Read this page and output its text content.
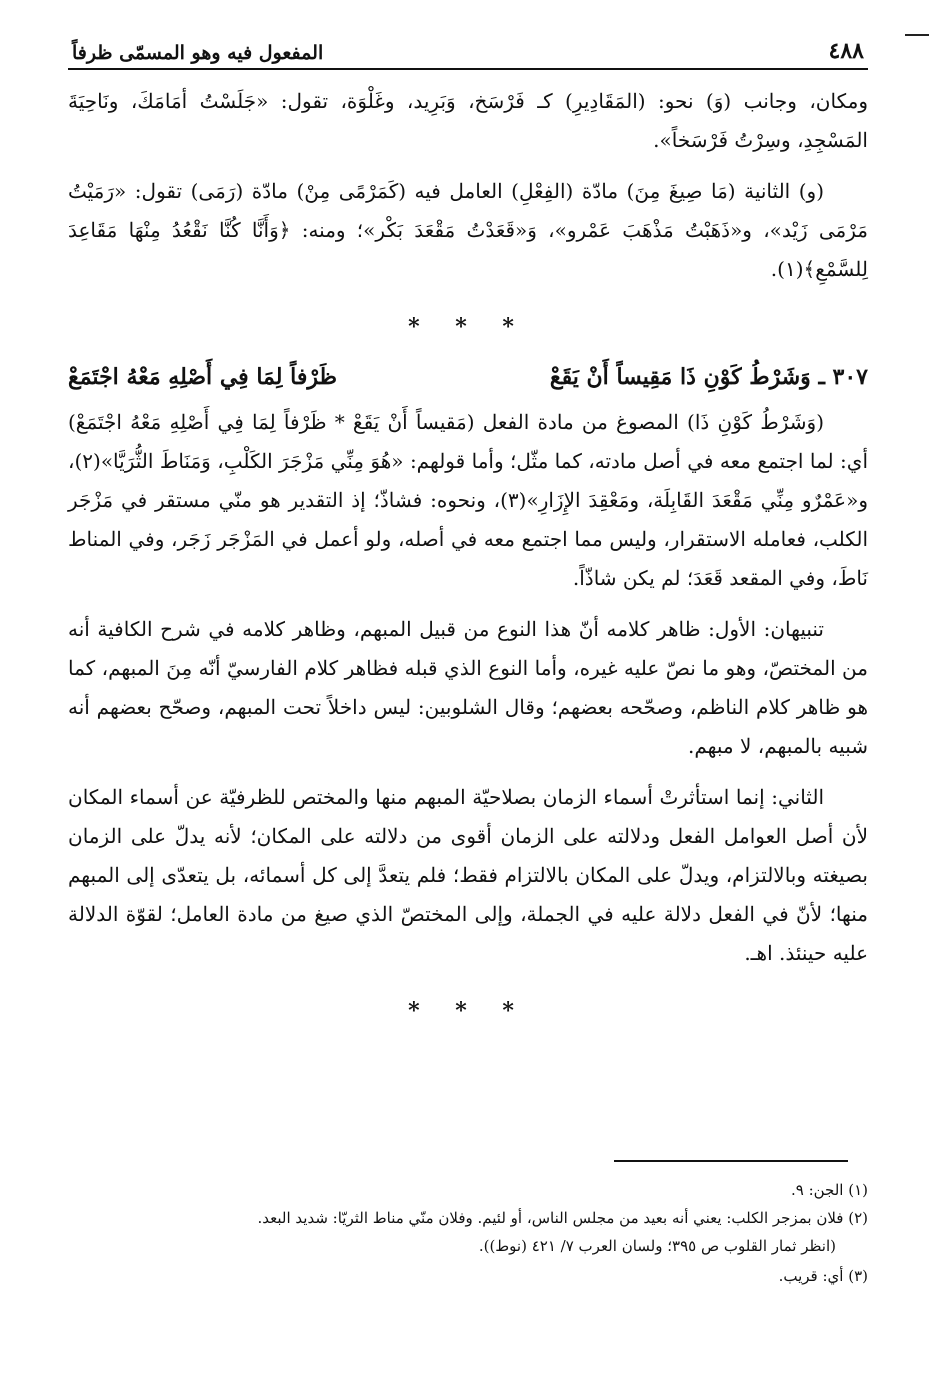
٤٨٨
المفعول فيه وهو المسمّى ظرفاً

ومكان، وجانب (وَ) نحو: (المَقَادِيرِ) كـ فَرْسَخ، وَبَرِيد، وغَلْوَة، تقول: «جَلَسْتُ أمَامَكَ، ونَاحِيَةَ المَسْجِدِ، وسِرْتُ فَرْسَخاً».

(و) الثانية (مَا صِيغَ مِنَ) مادّة (الفِعْلِ) العامل فيه (كَمَرْمًى مِنْ) مادّة (رَمَى) تقول: «رَمَيْتُ مَرْمَى زَيْد»، و«ذَهَبْتُ مَذْهَبَ عَمْرو»، وَ«قَعَدْتُ مَقْعَدَ بَكْر»؛ ومنه: ﴿وَأَنَّا كُنَّا نَقْعُدُ مِنْهَا مَقَاعِدَ لِلسَّمْعِ﴾(١).

* * *
٣٠٧ ـ وَشَرْطُ كَوْنِ ذَا مَقِيساً أَنْ يَقَعْ
ظَرْفاً لِمَا فِي أَصْلِهِ مَعْهُ اجْتَمَعْ

(وَشَرْطُ كَوْنِ ذَا) المصوغ من مادة الفعل (مَقيساً أَنْ يَقَعْ * ظَرْفاً لِمَا فِي أَصْلِهِ مَعْهُ اجْتَمَعْ) أي: لما اجتمع معه في أصل مادته، كما مثّل؛ وأما قولهم: «هُوَ مِنِّي مَزْجَرَ الكَلْبِ، وَمَنَاطَ الثُّرَيَّا»(٢)، و«عَمْرٌو مِنِّي مَقْعَدَ القَابِلَة، ومَعْقِدَ الإِزَارِ»(٣)، ونحوه: فشاذّ؛ إذ التقدير هو منّي مستقر في مَزْجَر الكلب، فعامله الاستقرار، وليس مما اجتمع معه في أصله، ولو أعمل في المَزْجَر زَجَر، وفي المناط نَاطَ، وفي المقعد قَعَدَ؛ لم يكن شاذّاً.

تنبيهان: الأول: ظاهر كلامه أنّ هذا النوع من قبيل المبهم، وظاهر كلامه في شرح الكافية أنه من المختصّ، وهو ما نصّ عليه غيره، وأما النوع الذي قبله فظاهر كلام الفارسيّ أنّه مِنَ المبهم، كما هو ظاهر كلام الناظم، وصحّحه بعضهم؛ وقال الشلوبين: ليس داخلاً تحت المبهم، وصحّح بعضهم أنه شبيه بالمبهم، لا مبهم.

الثاني: إنما استأثرتْ أسماء الزمان بصلاحيّة المبهم منها والمختص للظرفيّة عن أسماء المكان لأن أصل العوامل الفعل ودلالته على الزمان أقوى من دلالته على المكان؛ لأنه يدلّ على الزمان بصيغته وبالالتزام، ويدلّ على المكان بالالتزام فقط؛ فلم يتعدَّ إلى كل أسمائه، بل يتعدّى إلى المبهم منها؛ لأنّ في الفعل دلالة عليه في الجملة، وإلى المختصّ الذي صيغ من مادة العامل؛ لقوّة الدلالة عليه حينئذ. اهـ.

* * *
(١) الجن: ٩.
(٢) فلان بمزجر الكلب: يعني أنه بعيد من مجلس الناس، أو لئيم. وفلان منّي مناط الثريّا: شديد البعد.
(انظر ثمار القلوب ص ٣٩٥؛ ولسان العرب ٧/ ٤٢١ (نوط)).
(٣) أي: قريب.
